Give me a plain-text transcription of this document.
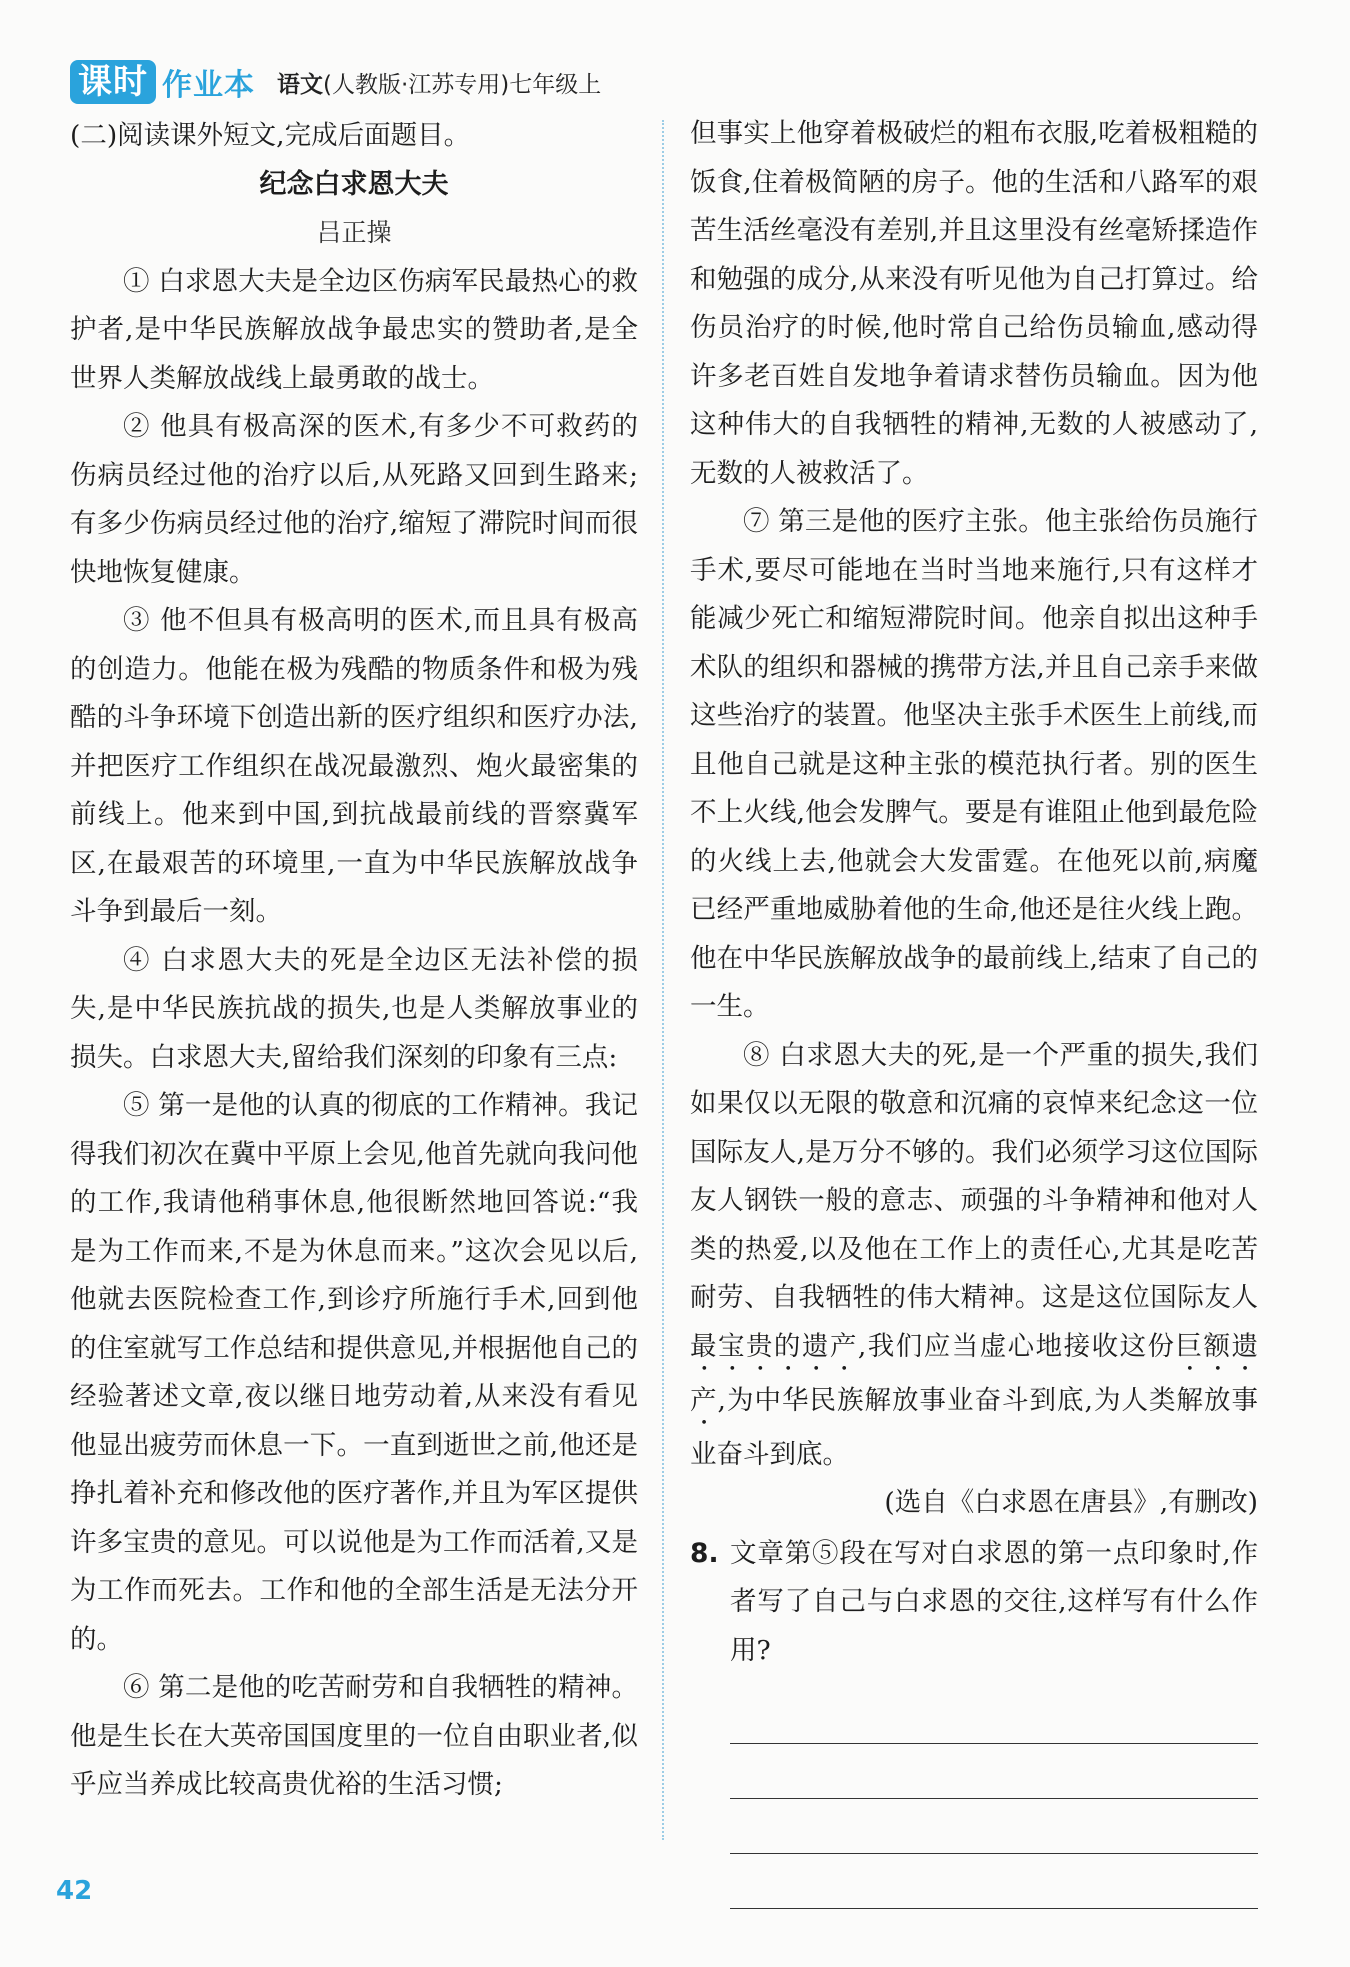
课时 作业本 语文(人教版·江苏专用)七年级上

(二)阅读课外短文,完成后面题目。

纪念白求恩大夫

吕正操

① 白求恩大夫是全边区伤病军民最热心的救护者,是中华民族解放战争最忠实的赞助者,是全世界人类解放战线上最勇敢的战士。

② 他具有极高深的医术,有多少不可救药的伤病员经过他的治疗以后,从死路又回到生路来;有多少伤病员经过他的治疗,缩短了滞院时间而很快地恢复健康。

③ 他不但具有极高明的医术,而且具有极高的创造力。他能在极为残酷的物质条件和极为残酷的斗争环境下创造出新的医疗组织和医疗办法,并把医疗工作组织在战况最激烈、炮火最密集的前线上。他来到中国,到抗战最前线的晋察冀军区,在最艰苦的环境里,一直为中华民族解放战争斗争到最后一刻。

④ 白求恩大夫的死是全边区无法补偿的损失,是中华民族抗战的损失,也是人类解放事业的损失。白求恩大夫,留给我们深刻的印象有三点:

⑤ 第一是他的认真的彻底的工作精神。我记得我们初次在冀中平原上会见,他首先就向我问他的工作,我请他稍事休息,他很断然地回答说:“我是为工作而来,不是为休息而来。”这次会见以后,他就去医院检查工作,到诊疗所施行手术,回到他的住室就写工作总结和提供意见,并根据他自己的经验著述文章,夜以继日地劳动着,从来没有看见他显出疲劳而休息一下。一直到逝世之前,他还是挣扎着补充和修改他的医疗著作,并且为军区提供许多宝贵的意见。可以说他是为工作而活着,又是为工作而死去。工作和他的全部生活是无法分开的。

⑥ 第二是他的吃苦耐劳和自我牺牲的精神。他是生长在大英帝国国度里的一位自由职业者,似乎应当养成比较高贵优裕的生活习惯;

但事实上他穿着极破烂的粗布衣服,吃着极粗糙的饭食,住着极简陋的房子。他的生活和八路军的艰苦生活丝毫没有差别,并且这里没有丝毫矫揉造作和勉强的成分,从来没有听见他为自己打算过。给伤员治疗的时候,他时常自己给伤员输血,感动得许多老百姓自发地争着请求替伤员输血。因为他这种伟大的自我牺牲的精神,无数的人被感动了,无数的人被救活了。

⑦ 第三是他的医疗主张。他主张给伤员施行手术,要尽可能地在当时当地来施行,只有这样才能减少死亡和缩短滞院时间。他亲自拟出这种手术队的组织和器械的携带方法,并且自己亲手来做这些治疗的装置。他坚决主张手术医生上前线,而且他自己就是这种主张的模范执行者。别的医生不上火线,他会发脾气。要是有谁阻止他到最危险的火线上去,他就会大发雷霆。在他死以前,病魔已经严重地威胁着他的生命,他还是往火线上跑。他在中华民族解放战争的最前线上,结束了自己的一生。

⑧ 白求恩大夫的死,是一个严重的损失,我们如果仅以无限的敬意和沉痛的哀悼来纪念这一位国际友人,是万分不够的。我们必须学习这位国际友人钢铁一般的意志、顽强的斗争精神和他对人类的热爱,以及他在工作上的责任心,尤其是吃苦耐劳、自我牺牲的伟大精神。这是这位国际友人最宝贵的遗产,我们应当虚心地接收这份巨额遗产,为中华民族解放事业奋斗到底,为人类解放事业奋斗到底。

(选自《白求恩在唐县》,有删改)

8. 文章第⑤段在写对白求恩的第一点印象时,作者写了自己与白求恩的交往,这样写有什么作用?
42
